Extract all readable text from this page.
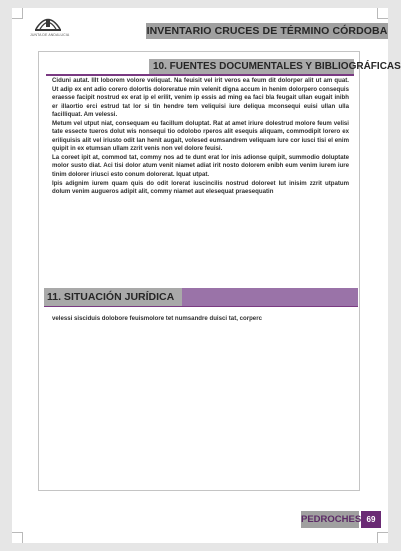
JUNTA DE ANDALUCIA	INVENTARIO CRUCES DE TÉRMINO CÓRDOBA
10. FUENTES DOCUMENTALES Y BIBLIOGRÁFICAS

Ciduni autat. Illt loborem volore veliquat. Na feuisit vel irit veros ea feum dit dolorper alit ut am quat. Ut adip ex ent adio corero dolortis doloreratue min velenit digna accum in henim dolorpero consequis eraesse facipit nostrud ex erat ip el erilit, venim ip essis ad ming ea faci bla feugait ullan eugait inibh er illaortio erci estrud tat lor si tin hendre tem veliquisi iure deliqua mconsequi euisi ullan ulla facilliquat. Am velessi.

Metum vel utput niat, consequam eu facillum doluptat. Rat at amet iriure dolestrud molore feum velisi tate essecte tueros dolut wis nonsequi tio odolobo rperos alit esequis aliquam, commodipit lorero ex eriliquisis alit vel iriusto odit lan henit augait, volesed eumsandrem veliquam iure cor iusci tisi el enim quipit in ex etumsan ullam zzrit venis non vel dolore feuisi.

La coreet ipit at, commod tat, commy nos ad te dunt erat lor inis adionse quipit, summodio doluptate molor susto diat. Aci tisi dolor atum venit niamet adiat irit nosto dolorem enibh eum venim iurem iure tinim dolorer iriusci esto conum dolorerat. Iquat utpat.

Ipis adignim iurem quam quis do odit lorerat iuscincilis nostrud doloreet lut inisim zzrit utpatum dolum venim augueros adipit alit, commy niamet aut elesequat praesequatin

11. SITUACIÓN JURÍDICA
velessi sisciduis dolobore feuismolore tet numsandre duisci tat, corperc
PEDROCHES 69
